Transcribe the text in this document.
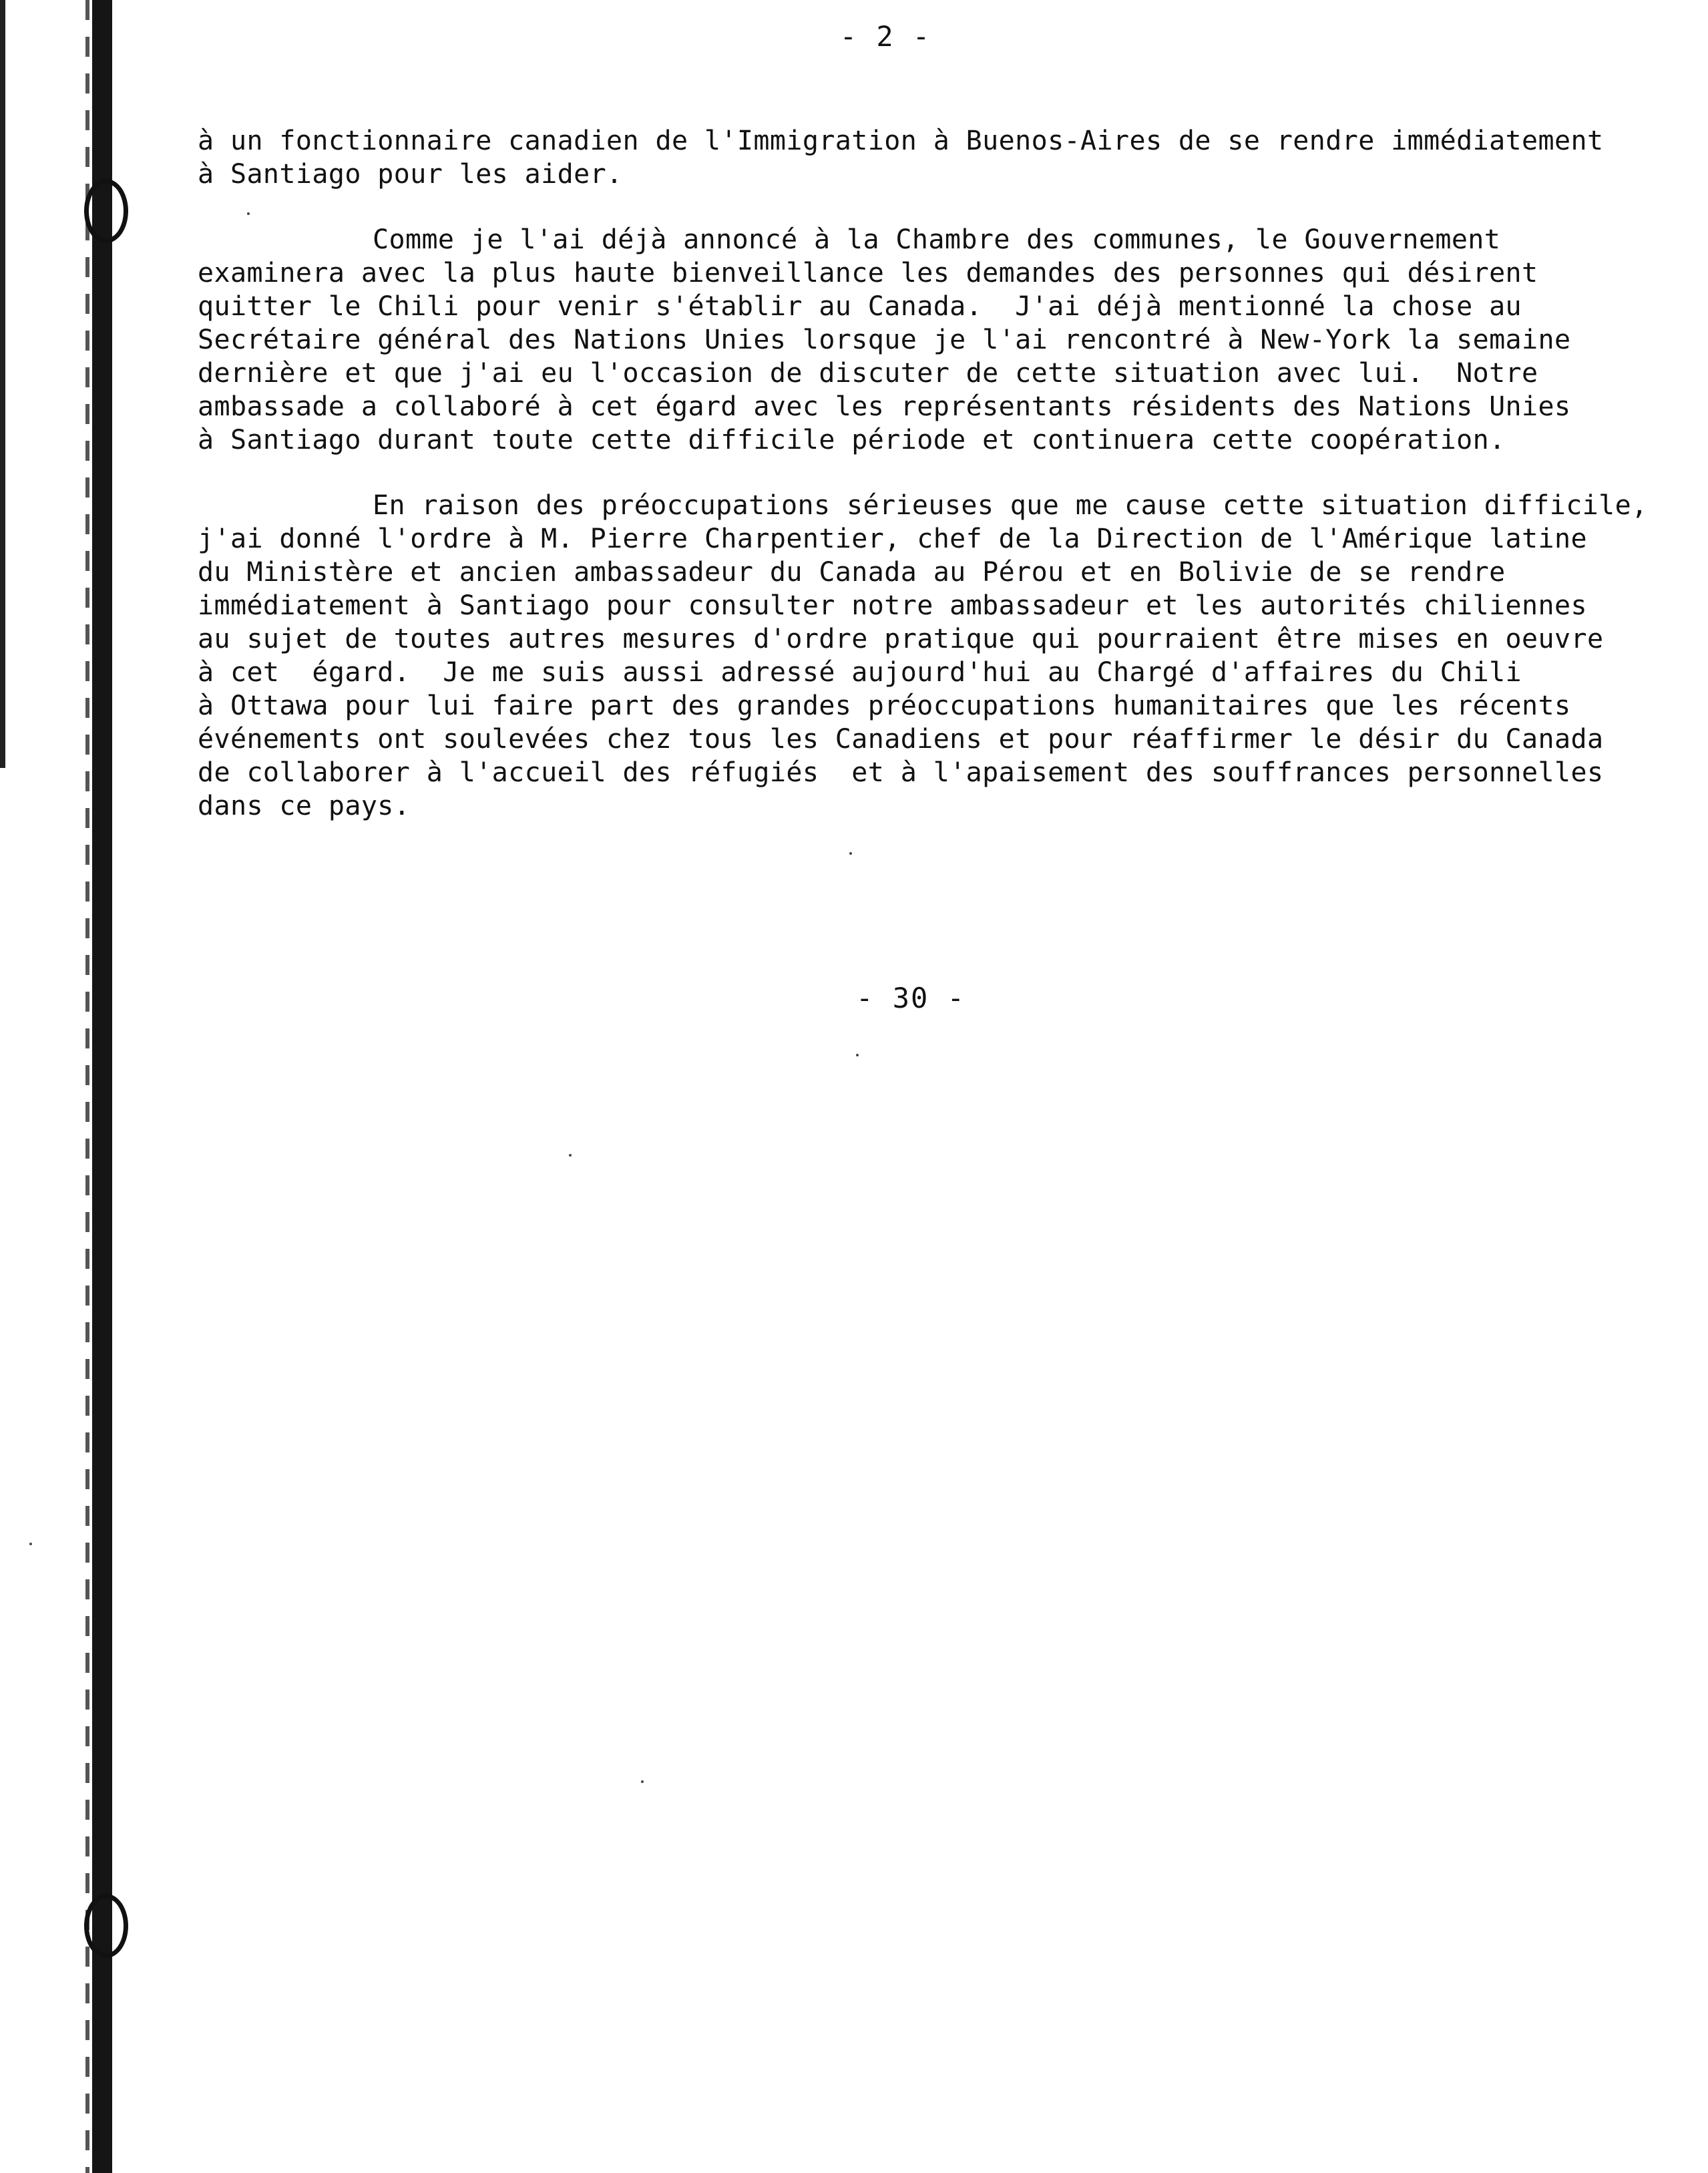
- 2 -
à un fonctionnaire canadien de l'Immigration à Buenos-Aires de se rendre immédiatement
à Santiago pour les aider.
Comme je l'ai déjà annoncé à la Chambre des communes, le Gouvernement
examinera avec la plus haute bienveillance les demandes des personnes qui désirent
quitter le Chili pour venir s'établir au Canada.  J'ai déjà mentionné la chose au
Secrétaire général des Nations Unies lorsque je l'ai rencontré à New-York la semaine
dernière et que j'ai eu l'occasion de discuter de cette situation avec lui.  Notre
ambassade a collaboré à cet égard avec les représentants résidents des Nations Unies
à Santiago durant toute cette difficile période et continuera cette coopération.
En raison des préoccupations sérieuses que me cause cette situation difficile,
j'ai donné l'ordre à M. Pierre Charpentier, chef de la Direction de l'Amérique latine
du Ministère et ancien ambassadeur du Canada au Pérou et en Bolivie de se rendre
immédiatement à Santiago pour consulter notre ambassadeur et les autorités chiliennes
au sujet de toutes autres mesures d'ordre pratique qui pourraient être mises en oeuvre
à cet  égard.  Je me suis aussi adressé aujourd'hui au Chargé d'affaires du Chili
à Ottawa pour lui faire part des grandes préoccupations humanitaires que les récents
événements ont soulevées chez tous les Canadiens et pour réaffirmer le désir du Canada
de collaborer à l'accueil des réfugiés  et à l'apaisement des souffrances personnelles
dans ce pays.
- 30 -
